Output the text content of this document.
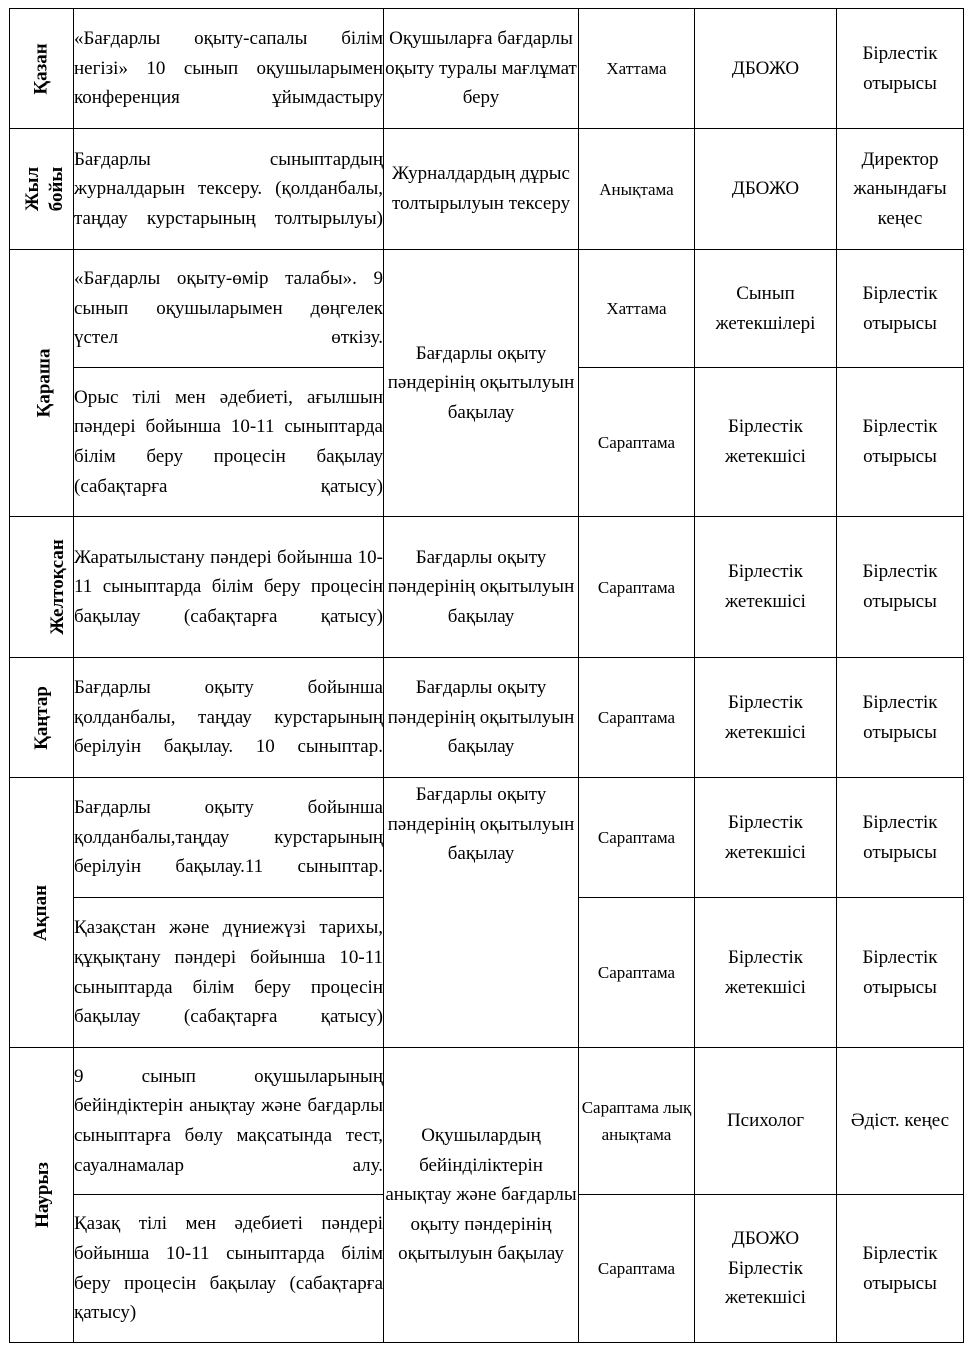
Қазан	«Бағдарлы оқыту-сапалы білім негізі» 10 сынып оқушыларымен конференция ұйымдастыру	Оқушыларға бағдарлы оқыту туралы мағлұмат беру	Хаттама	ДБОЖО	Бірлестік отырысы
Жыл бойы	Бағдарлы сыныптардың журналдарын тексеру. (қолданбалы, таңдау курстарының толтырылуы)	Журналдардың дұрыс толтырылуын тексеру	Анықтама	ДБОЖО	Директор жанындағы кеңес
Қараша	«Бағдарлы оқыту-өмір талабы». 9 сынып оқушыларымен дөңгелек үстел өткізу.	Бағдарлы оқыту пәндерінің оқытылуын бақылау	Хаттама	Сынып жетекшілері	Бірлестік отырысы
	Орыс тілі мен әдебиеті, ағылшын пәндері бойынша 10-11 сыныптарда білім беру процесін бақылау (сабақтарға қатысу)		Сараптама	Бірлестік жетекшісі	Бірлестік отырысы
Желтоқсан	Жаратылыстану пәндері бойынша 10-11 сыныптарда білім беру процесін бақылау (сабақтарға қатысу)	Бағдарлы оқыту пәндерінің оқытылуын бақылау	Сараптама	Бірлестік жетекшісі	Бірлестік отырысы
Қаңтар	Бағдарлы оқыту бойынша қолданбалы, таңдау курстарының берілуін бақылау. 10 сыныптар.	Бағдарлы оқыту пәндерінің оқытылуын бақылау	Сараптама	Бірлестік жетекшісі	Бірлестік отырысы
Ақпан	Бағдарлы оқыту бойынша қолданбалы,таңдау курстарының берілуін бақылау.11 сыныптар.	Бағдарлы оқыту пәндерінің оқытылуын бақылау	Сараптама	Бірлестік жетекшісі	Бірлестік отырысы
	Қазақстан және дүниежүзі тарихы, құқықтану пәндері бойынша 10-11 сыныптарда білім беру процесін бақылау (сабақтарға қатысу)		Сараптама	Бірлестік жетекшісі	Бірлестік отырысы
Наурыз	9 сынып оқушыларының бейіндіктерін анықтау және бағдарлы сыныптарға бөлу мақсатында тест, сауалнамалар алу.	Оқушылардың бейінділіктерін анықтау және бағдарлы оқыту пәндерінің оқытылуын бақылау	Сараптама лық анықтама	Психолог	Әдіст. кеңес
	Қазақ тілі мен әдебиеті пәндері бойынша 10-11 сыныптарда білім беру процесін бақылау (сабақтарға қатысу)		Сараптама	ДБОЖО Бірлестік жетекшісі	Бірлестік отырысы
